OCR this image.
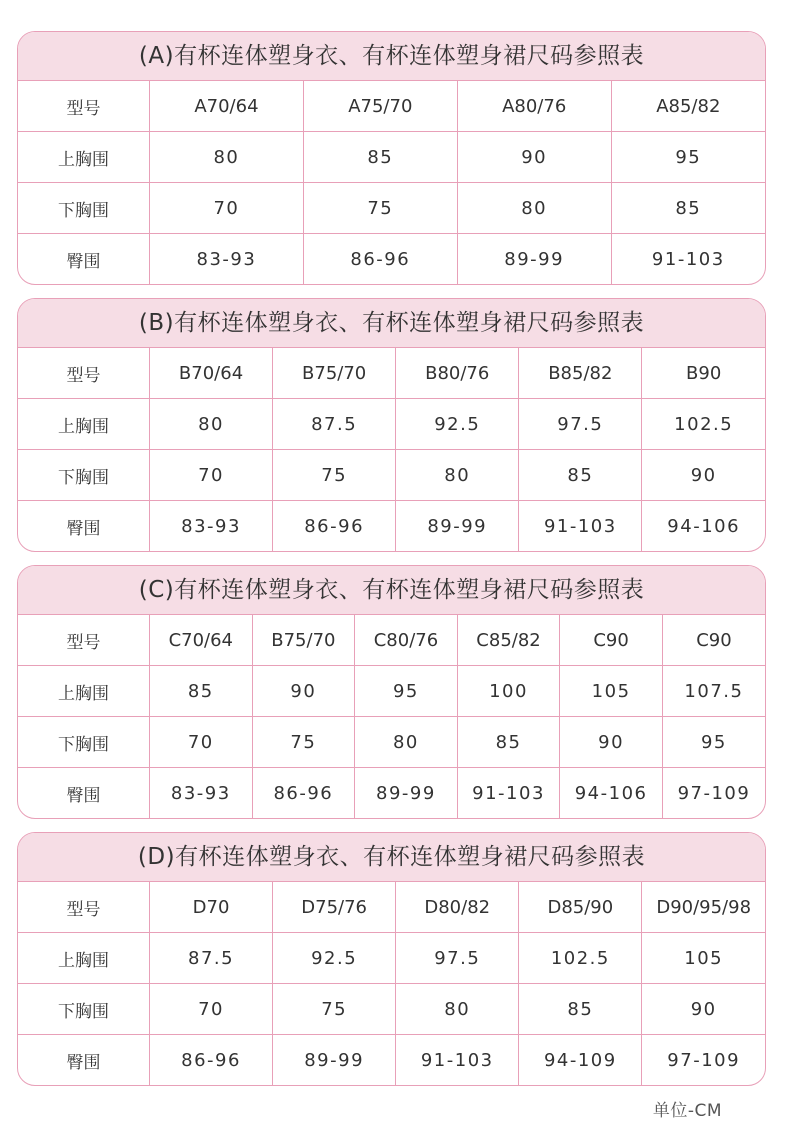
(A)有杯连体塑身衣、有杯连体塑身裙尺码参照表
型号	A70/64	A75/70	A80/76	A85/82
上胸围	80	85	90	95
下胸围	70	75	80	85
臀围	83-93	86-96	89-99	91-103
(B)有杯连体塑身衣、有杯连体塑身裙尺码参照表
型号	B70/64	B75/70	B80/76	B85/82	B90
上胸围	80	87.5	92.5	97.5	102.5
下胸围	70	75	80	85	90
臀围	83-93	86-96	89-99	91-103	94-106
(C)有杯连体塑身衣、有杯连体塑身裙尺码参照表
型号	C70/64	B75/70	C80/76	C85/82	C90	C90
上胸围	85	90	95	100	105	107.5
下胸围	70	75	80	85	90	95
臀围	83-93	86-96	89-99	91-103	94-106	97-109
(D)有杯连体塑身衣、有杯连体塑身裙尺码参照表
型号	D70	D75/76	D80/82	D85/90	D90/95/98
上胸围	87.5	92.5	97.5	102.5	105
下胸围	70	75	80	85	90
臀围	86-96	89-99	91-103	94-109	97-109
单位-CM
